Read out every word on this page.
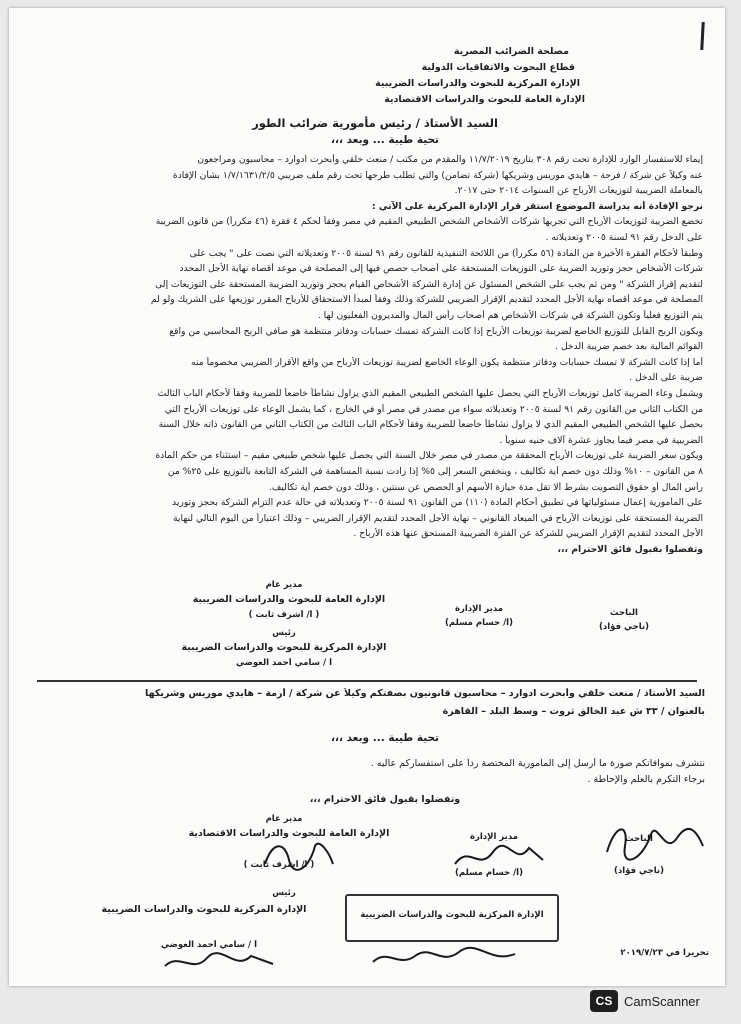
مصلحة الضرائب المصرية
قطاع البحوث والاتفاقيات الدولية
الإدارة المركزية للبحوث والدراسات الضريبية
الإدارة العامة للبحوث والدراسات الاقتصادية
السيد الأستاذ / رئيس مأمورية ضرائب الطور
تحية طيبة ... وبعد ،،،
إيماء للاستفسار الوارد للإدارة تحت رقم ٣٠٨ بتاريخ ١١/٧/٢٠١٩ والمقدم من مكتب / منعت خلقي وأبحرت ادوارد – محاسبون ومراجعون
عنه وكيلاً عن شركة / فرحة – هايدي موريس وشريكها (شركة تضامن) والتي تطلب طرحها تحت رقم ملف ضريبي ١/٧/١٦٣١/٢/٥ بشأن الإفادة
بالمعاملة الضريبية لتوزيعات الأرباح عن السنوات ٢٠١٤ حتى ٢٠١٧.
نرجو الإفادة أنه بدراسة الموضوع استقر قرار الإدارة المركزية على الآتي :
تخضع الضريبة لتوزيعات الأرباح التي تجريها شركات الأشخاص الشخص الطبيعي المقيم في مصر وفقاً لحكم ٤ فقرة (٤٦ مكرراً) من قانون الضريبة
على الدخل رقم ٩١ لسنة ٢٠٠٥ وتعديلاته .
وطبقاً لأحكام الفقرة الأخيرة من المادة (٥٦ مكرراً) من اللائحة التنفيذية للقانون رقم ٩١ لسنة ٢٠٠٥ وتعديلاته التي نصت على " يجب على
شركات الأشخاص حجز وتوريد الضريبة على التوزيعات المستحقة على أصحاب حصص فيها إلى المصلحة في موعد أقصاه نهاية الأجل المحدد
لتقديم إقرار الشركة " ومن ثم يجب على الشخص المسئول عن إدارة الشركة الأشخاص القيام بحجز وتوريد الضريبة المستحقة على التوزيعات إلى
المصلحة في موعد أقصاه نهاية الأجل المحدد لتقديم الإقرار الضريبي للشركة وذلك وفقاً لمبدأ الاستحقاق للأرباح المقرر توزيعها على الشريك ولو لم
يتم التوزيع فعلياً وتكون الشركة في شركات الأشخاص هم أصحاب رأس المال والمديرون الفعليون لها .
ويكون الربح القابل للتوزيع الخاضع لضريبة توزيعات الأرباح إذا كانت الشركة تمسك حسابات ودفاتر منتظمة هو صافي الربح المحاسبي من واقع
القوائم المالية بعد خصم ضريبة الدخل .
أما إذا كانت الشركة لا تمسك حسابات ودفاتر منتظمة يكون الوعاء الخاضع لضريبة توزيعات الأرباح من واقع الأقرار الضريبي مخصوماً منه
ضريبة على الدخل .
ويشمل وعاء الضريبة كامل توزيعات الأرباح التي يحصل عليها الشخص الطبيعي المقيم الذي يزاول نشاطاً خاضعاً للضريبة وفقاً لأحكام الباب الثالث
من الكتاب الثاني من القانون رقم ٩١ لسنة ٢٠٠٥ وتعديلاته سواء من مصدر في مصر أو في الخارج ، كما يشمل الوعاء على توزيعات الأرباح التي
يحصل عليها الشخص الطبيعي المقيم الذي لا يزاول نشاطاً خاضعاً للضريبة وفقاً لأحكام الباب الثالث من الكتاب الثاني من القانون ذاته خلال السنة
الضريبية في مصر فيما يجاوز عشرة آلاف جنيه سنوياً .
ويكون سعر الضريبة على توزيعات الأرباح المحققة من مصدر في مصر خلال السنة التي يحصل عليها شخص طبيعي مقيم – استثناء من حكم المادة
٨ من القانون – ١٠% وذلك دون خصم أية تكاليف ، وينخفض السعر إلى ٥% إذا زادت نسبة المساهمة في الشركة التابعة بالتوزيع على ٢٥% من
رأس المال أو حقوق التصويت بشرط ألا تقل مدة حيازة الأسهم أو الحصص عن سنتين ، وذلك دون خصم أية تكاليف.
على المأمورية إعمال مسئولياتها في تطبيق أحكام المادة (١١٠) من القانون ٩١ لسنة ٢٠٠٥ وتعديلاته في حالة عدم التزام الشركة بحجز وتوريد
الضريبة المستحقة على توزيعات الأرباح في الميعاد القانوني – نهاية الأجل المحدد لتقديم الإقرار الضريبي – وذلك اعتباراً من اليوم التالي لنهاية
الأجل المحدد لتقديم الإقرار الضريبي للشركة عن الفترة الضريبية المستحق عنها هذه الأرباح .
وتفضلوا بقبول فائق الاحترام ،،،
مدير عام
الإدارة العامة للبحوث والدراسات الضريبية
( أ/ أشرف ثابت )
رئيس
الإدارة المركزية للبحوث والدراسات الضريبية
أ / سامي أحمد العوضي
مدير الإدارة
(أ/ حسام مسلم)
الباحث
(ناجي فؤاد)
السيد الأستاذ / منعت خلقي وأبحرت ادوارد – محاسبون قانونيون بصفتكم وكيلاً عن شركة / أرمة – هايدي موريس وشريكها
بالعنوان / ٣٣ ش عبد الخالق ثروت – وسط البلد – القاهرة
تحية طيبة ... وبعد ،،،
نتشرف بموافاتكم صورة ما أرسل إلى المأمورية المختصة رداً على استفساركم عاليه .
برجاء التكرم بالعلم والإحاطة .
وتفضلوا بقبول فائق الاحترام ،،،
مدير عام
الإدارة العامة للبحوث والدراسات الاقتصادية
( أ/ أشرف ثابت )
رئيس
الإدارة المركزية للبحوث والدراسات الضريبية
أ / سامي أحمد العوضي
مدير الإدارة
(أ/ حسام مسلم)
الباحث
(ناجي فؤاد)
الإدارة المركزية للبحوث والدراسات الضريبية
تحريراً في ٢٠١٩/٧/٢٣
CS CamScanner
